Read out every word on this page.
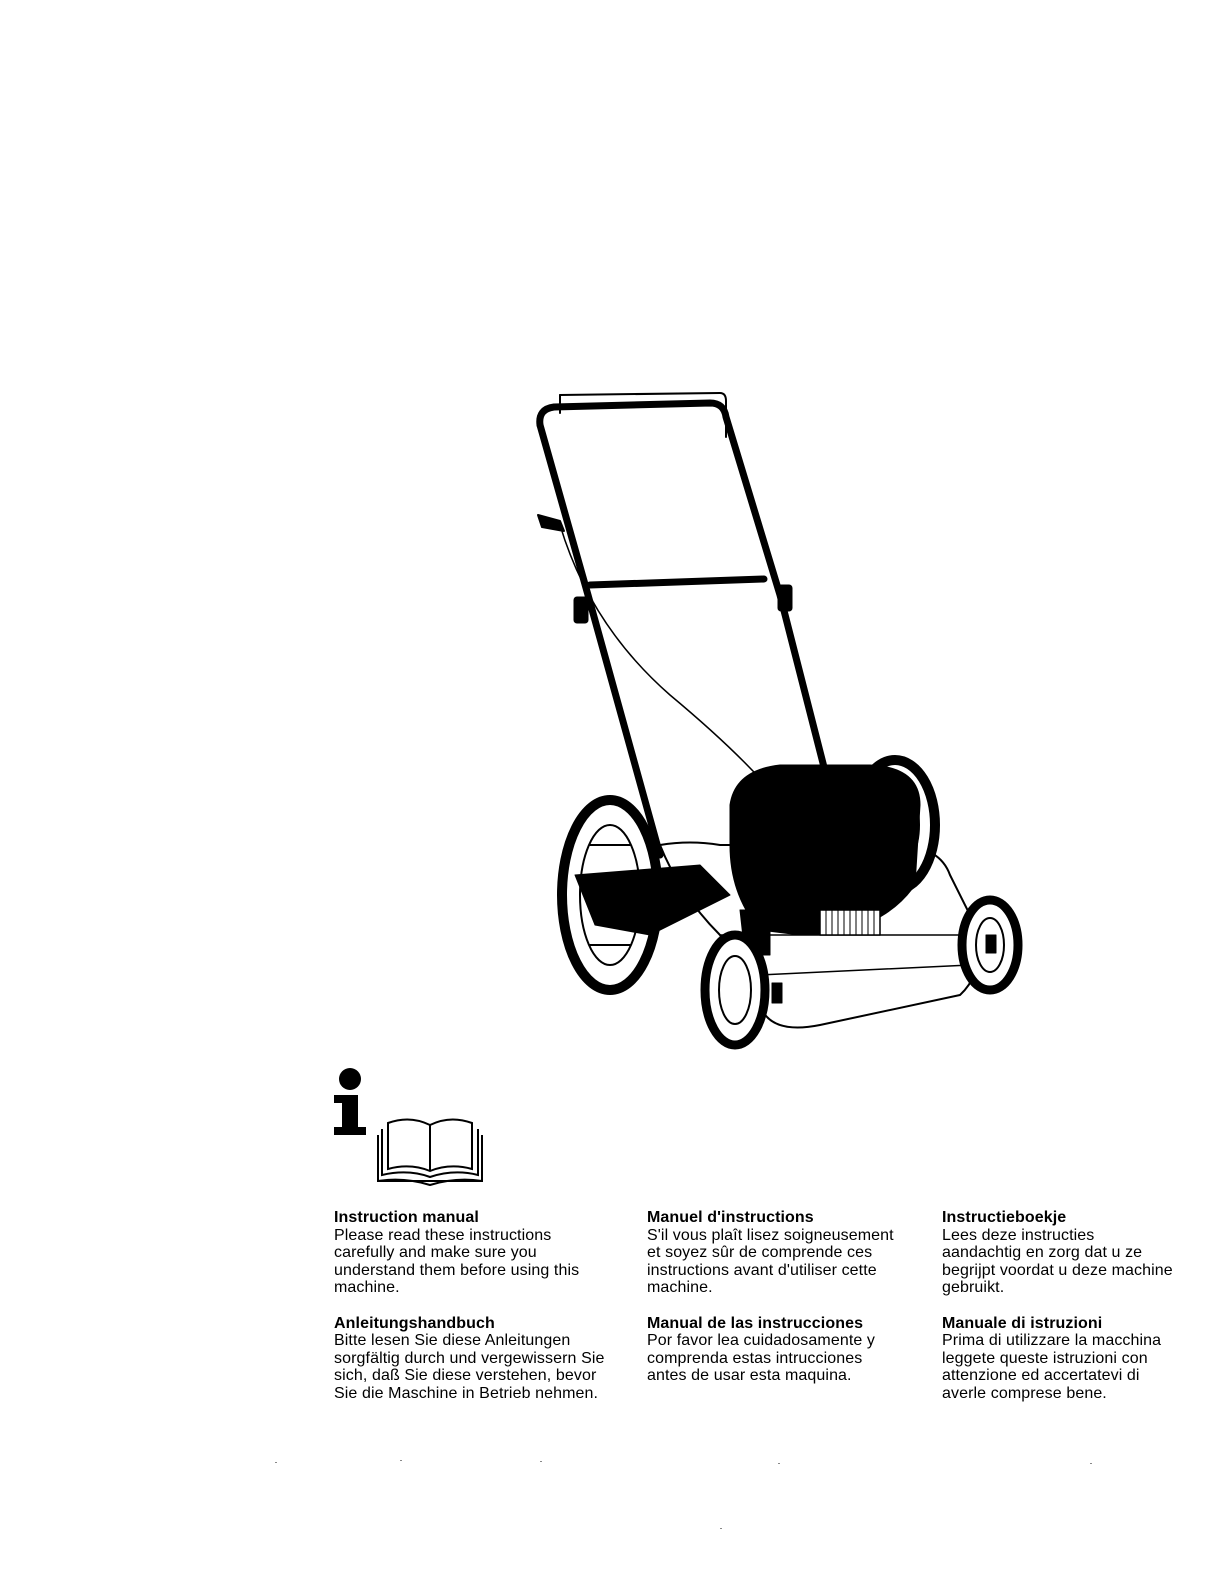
Instruction manual
Please read these instructions
carefully and make sure you
understand them before using this
machine.
Anleitungshandbuch
Bitte lesen Sie diese Anleitungen
sorgfältig durch und vergewissern Sie
sich, daß Sie diese verstehen, bevor
Sie die Maschine in Betrieb nehmen.
Manuel d'instructions
S'il vous plaît lisez soigneusement
et soyez sûr de comprende ces
instructions avant d'utiliser cette
machine.
Manual de las instrucciones
Por favor lea cuidadosamente y
comprenda estas intrucciones
antes de usar esta maquina.
Instructieboekje
Lees deze instructies
aandachtig en zorg dat u ze
begrijpt voordat u deze machine
gebruikt.
Manuale di istruzioni
Prima di utilizzare la macchina
leggete queste istruzioni con
attenzione ed accertatevi di
averle comprese bene.
